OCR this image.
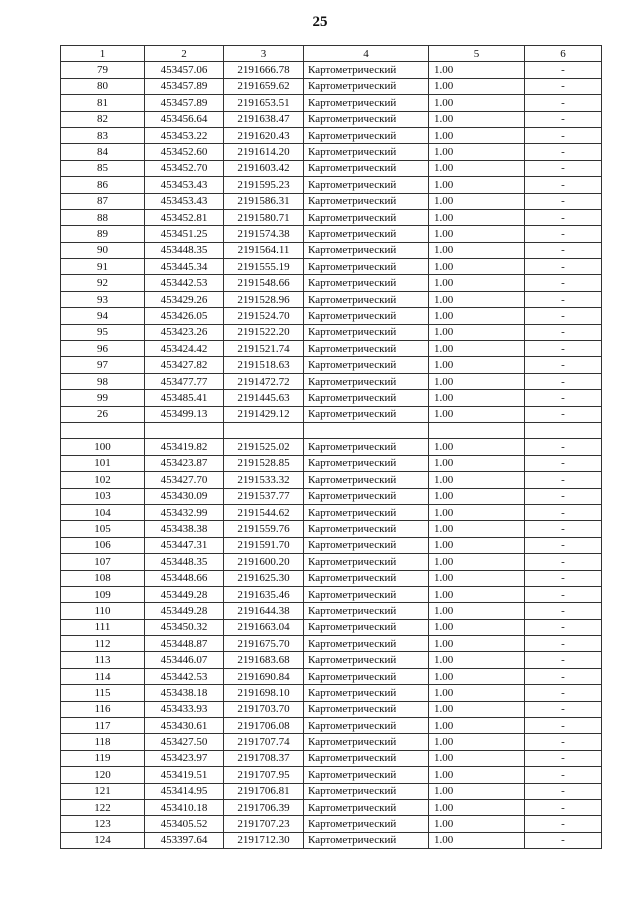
25
1	2	3	4	5	6
79	453457.06	2191666.78	Картометрический	1.00	-
80	453457.89	2191659.62	Картометрический	1.00	-
81	453457.89	2191653.51	Картометрический	1.00	-
82	453456.64	2191638.47	Картометрический	1.00	-
83	453453.22	2191620.43	Картометрический	1.00	-
84	453452.60	2191614.20	Картометрический	1.00	-
85	453452.70	2191603.42	Картометрический	1.00	-
86	453453.43	2191595.23	Картометрический	1.00	-
87	453453.43	2191586.31	Картометрический	1.00	-
88	453452.81	2191580.71	Картометрический	1.00	-
89	453451.25	2191574.38	Картометрический	1.00	-
90	453448.35	2191564.11	Картометрический	1.00	-
91	453445.34	2191555.19	Картометрический	1.00	-
92	453442.53	2191548.66	Картометрический	1.00	-
93	453429.26	2191528.96	Картометрический	1.00	-
94	453426.05	2191524.70	Картометрический	1.00	-
95	453423.26	2191522.20	Картометрический	1.00	-
96	453424.42	2191521.74	Картометрический	1.00	-
97	453427.82	2191518.63	Картометрический	1.00	-
98	453477.77	2191472.72	Картометрический	1.00	-
99	453485.41	2191445.63	Картометрический	1.00	-
26	453499.13	2191429.12	Картометрический	1.00	-

100	453419.82	2191525.02	Картометрический	1.00	-
101	453423.87	2191528.85	Картометрический	1.00	-
102	453427.70	2191533.32	Картометрический	1.00	-
103	453430.09	2191537.77	Картометрический	1.00	-
104	453432.99	2191544.62	Картометрический	1.00	-
105	453438.38	2191559.76	Картометрический	1.00	-
106	453447.31	2191591.70	Картометрический	1.00	-
107	453448.35	2191600.20	Картометрический	1.00	-
108	453448.66	2191625.30	Картометрический	1.00	-
109	453449.28	2191635.46	Картометрический	1.00	-
110	453449.28	2191644.38	Картометрический	1.00	-
111	453450.32	2191663.04	Картометрический	1.00	-
112	453448.87	2191675.70	Картометрический	1.00	-
113	453446.07	2191683.68	Картометрический	1.00	-
114	453442.53	2191690.84	Картометрический	1.00	-
115	453438.18	2191698.10	Картометрический	1.00	-
116	453433.93	2191703.70	Картометрический	1.00	-
117	453430.61	2191706.08	Картометрический	1.00	-
118	453427.50	2191707.74	Картометрический	1.00	-
119	453423.97	2191708.37	Картометрический	1.00	-
120	453419.51	2191707.95	Картометрический	1.00	-
121	453414.95	2191706.81	Картометрический	1.00	-
122	453410.18	2191706.39	Картометрический	1.00	-
123	453405.52	2191707.23	Картометрический	1.00	-
124	453397.64	2191712.30	Картометрический	1.00	-
